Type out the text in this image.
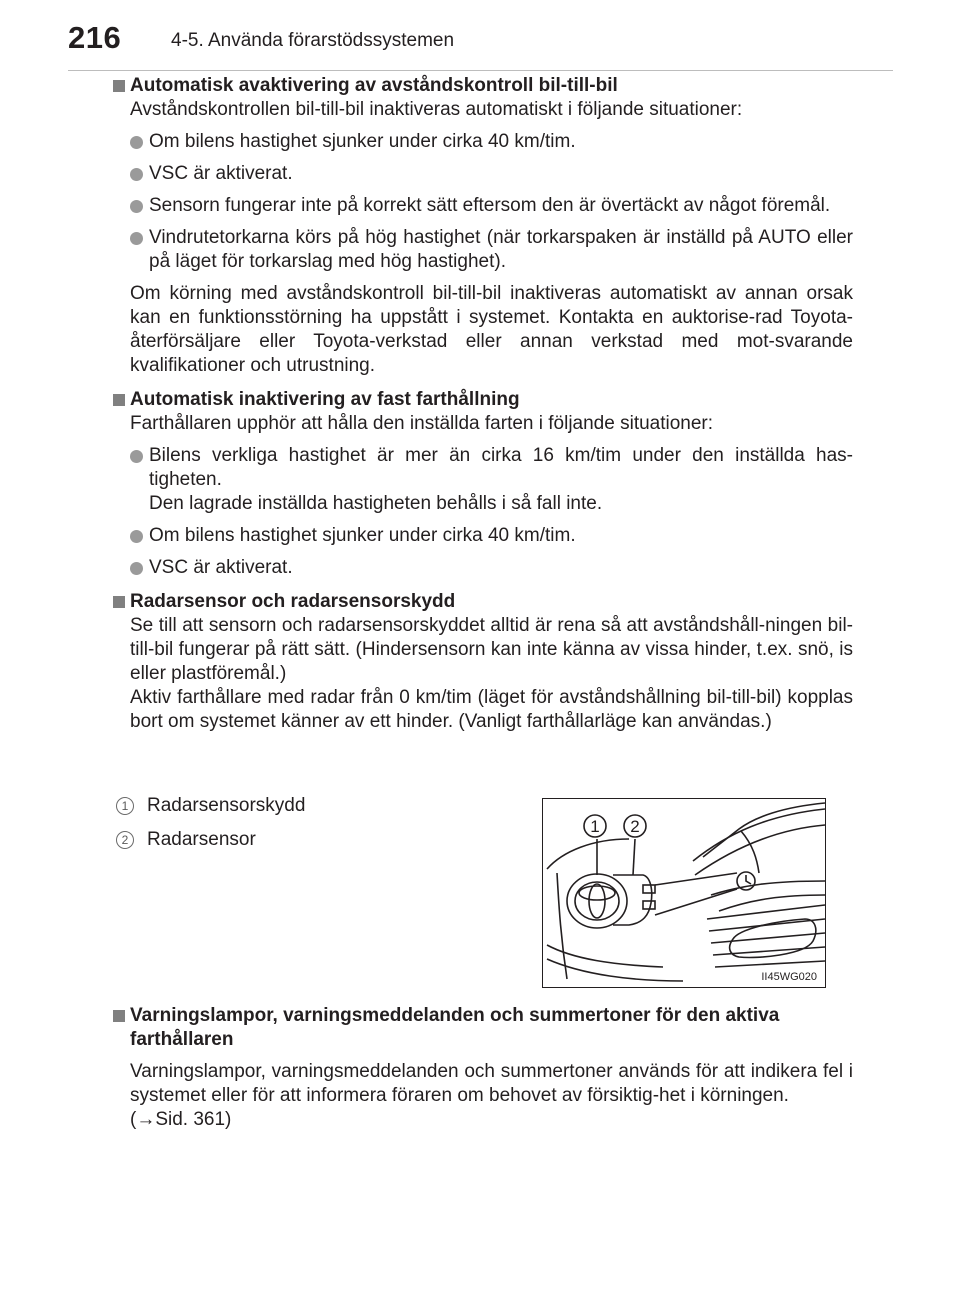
216	4-5. Använda förarstödssystemen
Automatisk avaktivering av avståndskontroll bil-till-bil
Avståndskontrollen bil-till-bil inaktiveras automatiskt i följande situationer:
Om bilens hastighet sjunker under cirka 40 km/tim.
VSC är aktiverat.
Sensorn fungerar inte på korrekt sätt eftersom den är övertäckt av något föremål.
Vindrutetorkarna körs på hög hastighet (när torkarspaken är inställd på AUTO eller på läget för torkarslag med hög hastighet).
Om körning med avståndskontroll bil-till-bil inaktiveras automatiskt av annan orsak kan en funktionsstörning ha uppstått i systemet. Kontakta en auktorise-rad Toyota-återförsäljare eller Toyota-verkstad eller annan verkstad med mot-svarande kvalifikationer och utrustning.
Automatisk inaktivering av fast farthållning
Farthållaren upphör att hålla den inställda farten i följande situationer:
Bilens verkliga hastighet är mer än cirka 16 km/tim under den inställda has-tigheten.
Den lagrade inställda hastigheten behålls i så fall inte.
Om bilens hastighet sjunker under cirka 40 km/tim.
VSC är aktiverat.
Radarsensor och radarsensorskydd
Se till att sensorn och radarsensorskyddet alltid är rena så att avståndshåll-ningen bil-till-bil fungerar på rätt sätt. (Hindersensorn kan inte känna av vissa hinder, t.ex. snö, is eller plastföremål.)
Aktiv farthållare med radar från 0 km/tim (läget för avståndshållning bil-till-bil) kopplas bort om systemet känner av ett hinder. (Vanligt farthållarläge kan användas.)
1 Radarsensorskydd
2 Radarsensor
1 2
II45WG020
Varningslampor, varningsmeddelanden och summertoner för den aktiva farthållaren
Varningslampor, varningsmeddelanden och summertoner används för att indikera fel i systemet eller för att informera föraren om behovet av försiktig-het i körningen.
(→Sid. 361)
